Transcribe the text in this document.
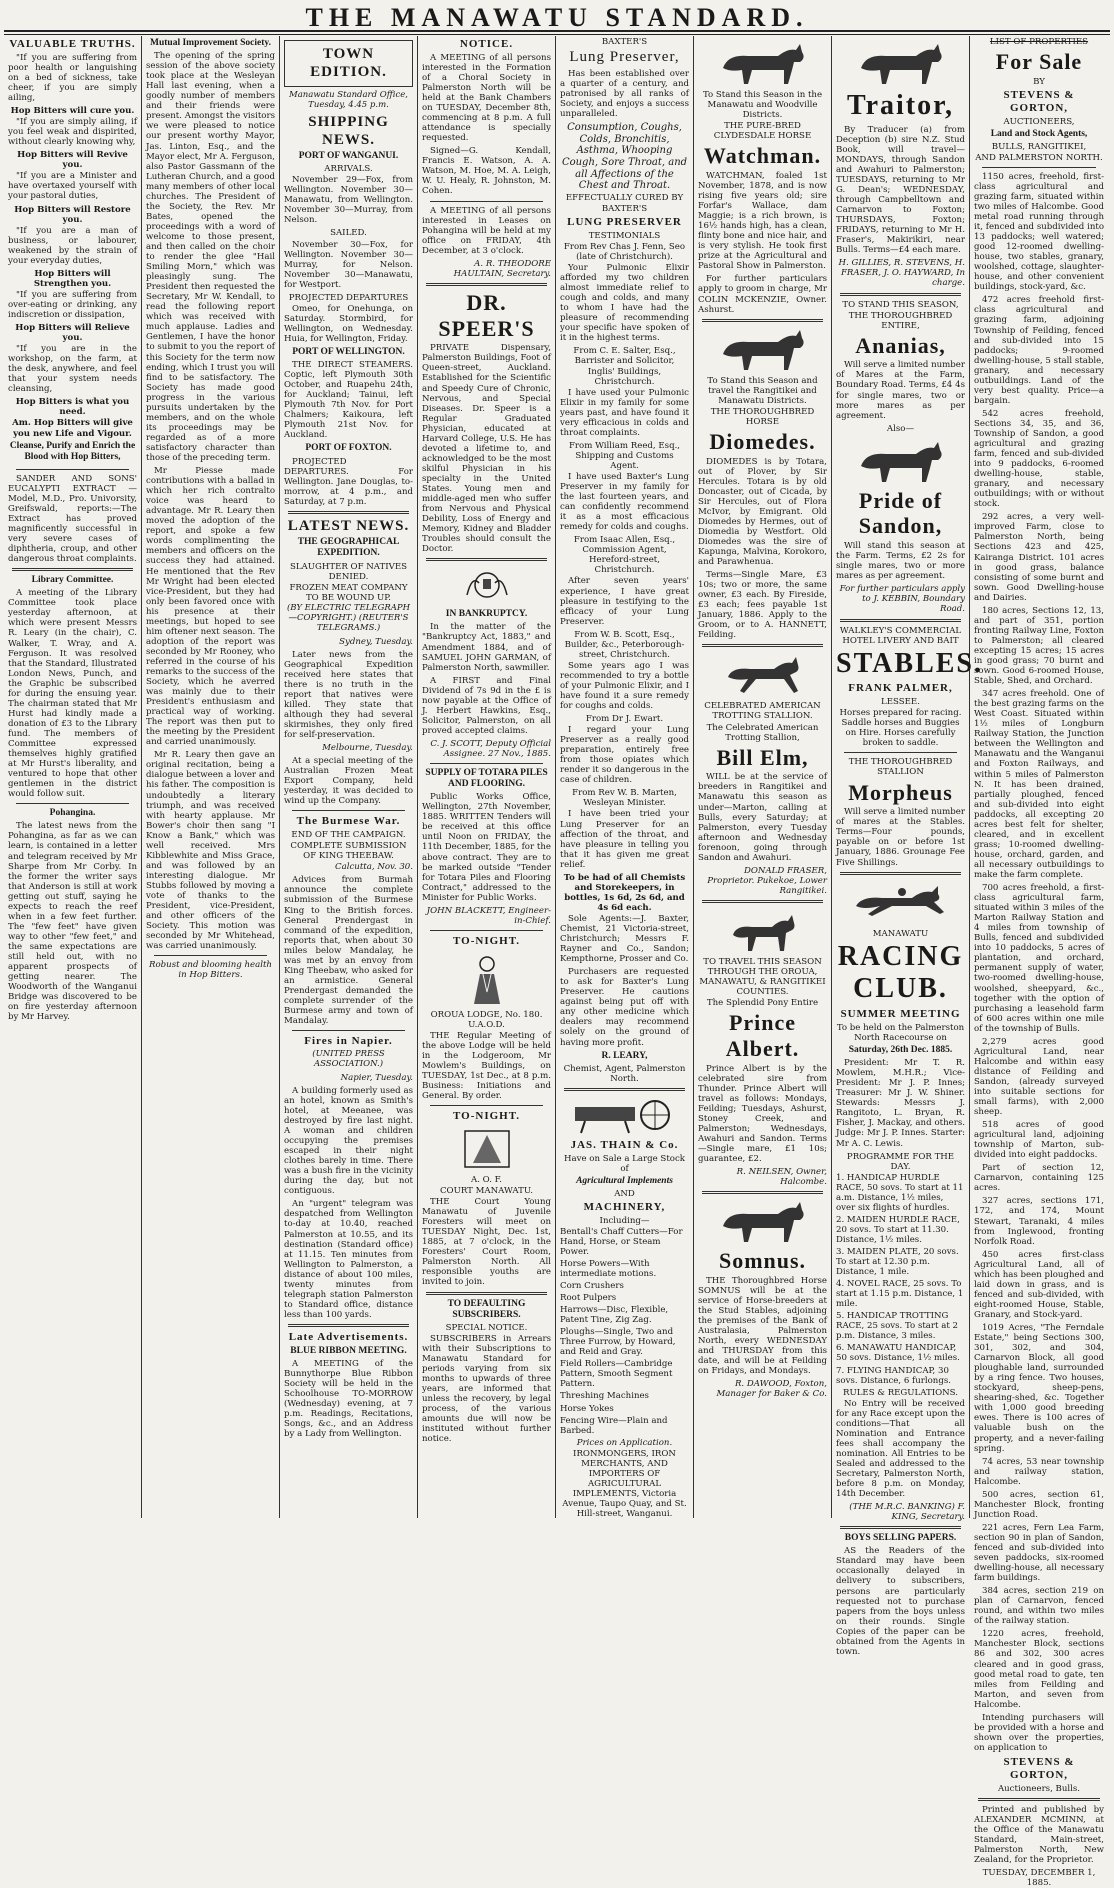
THE MANAWATU STANDARD.
VALUABLE TRUTHS.

"If you are suffering from poor health or languishing on a bed of sickness, take cheer, if you are simply ailing,

Hop Bitters will cure you.

"If you are simply ailing, if you feel weak and dispirited, without clearly knowing why,

Hop Bitters will Revive you.

"If you are a Minister and have overtaxed yourself with your pastoral duties,

Hop Bitters will Restore you.

"If you are a man of business, or labourer, weakened by the strain of your everyday duties,

Hop Bitters will Strengthen you.

"If you are suffering from over-eating or drinking, any indiscretion or dissipation,

Hop Bitters will Relieve you.

"If you are in the workshop, on the farm, at the desk, anywhere, and feel that your system needs cleansing,

Hop Bitters is what you need.

Am. Hop Bitters will give you new Life and Vigour.

Cleanse, Purify and Enrich the Blood with Hop Bitters,

SANDER AND SONS' EUCALYPTI EXTRACT —Model, M.D., Pro. Univorsity, Greifswald, reports:—The Extract has proved magnificently successful in very severe cases of diphtheria, croup, and other dangerous throat complaints.

Library Committee.

A meeting of the Library Committee took place yesterday afternoon, at which were present Messrs R. Leary (in the chair), C. Walker, T. Wray, and A. Ferguson. It was resolved that the Standard, Illustrated London News, Punch, and the Graphic be subscribed for during the ensuing year. The chairman stated that Mr Hurst had kindly made a donation of £3 to the Library fund. The members of Committee expressed themselves highly gratified at Mr Hurst's liberality, and ventured to hope that other gentlemen in the district would follow suit.

Pohangina.

The latest news from the Pohangina, as far as we can learn, is contained in a letter and telegram received by Mr Sharpe from Mr Corby. In the former the writer says that Anderson is still at work getting out stuff, saying he expects to reach the reef when in a few feet further. The "few feet" have given way to other "few feet," and the same expectations are still held out, with no apparent prospects of getting nearer. The Woodworth of the Wanganui Bridge was discovered to be on fire yesterday afternoon by Mr Harvey.

Mutual Improvement Society.

The opening of the spring session of the above society took place at the Wesleyan Hall last evening, when a goodly number of members and their friends were present. Amongst the visitors we were pleased to notice our present worthy Mayor, Jas. Linton, Esq., and the Mayor elect, Mr A. Ferguson, also Pastor Gassmann of the Lutheran Church, and a good many members of other local churches. The President of the Society, the Rev. Mr Bates, opened the proceedings with a word of welcome to those present, and then called on the choir to render the glee "Hail Smiling Morn," which was pleasingly sung. The President then requested the Secretary, Mr W. Kendall, to read the following report which was received with much applause. Ladies and Gentlemen, I have the honor to submit to you the report of this Society for the term now ending, which I trust you will find to be satisfactory. The Society has made good progress in the various pursuits undertaken by the members, and on the whole its proceedings may be regarded as of a more satisfactory character than those of the preceding term.

Mr Piesse made contributions with a ballad in which her rich contralto voice was heard to advantage. Mr R. Leary then moved the adoption of the report, and spoke a few words complimenting the members and officers on the success they had attained. He mentioned that the Rev Mr Wright had been elected vice-President, but they had only been favored once with his presence at their meetings, but hoped to see him oftener next season. The adoption of the report was seconded by Mr Rooney, who referred in the course of his remarks to the success of the Society, which he averred was mainly due to their President's enthusiasm and practical way of working. The report was then put to the meeting by the President and carried unanimously.

Mr R. Leary then gave an original recitation, being a dialogue between a lover and his father. The composition is undoubtedly a literary triumph, and was received with hearty applause. Mr Bower's choir then sang "I Know a Bank," which was well received. Mrs Kibblewhite and Miss Grace, and was followed by an interesting dialogue. Mr Stubbs followed by moving a vote of thanks to the President, vice-President, and other officers of the Society. This motion was seconded by Mr Whitehead, was carried unanimously.

Robust and blooming health in Hop Bitters.

TOWN EDITION.
Manawatu Standard Office, Tuesday, 4.45 p.m.
SHIPPING NEWS.
PORT OF WANGANUI.
ARRIVALS.

November 29—Fox, from Wellington. November 30—Manawatu, from Wellington. November 30—Murray, from Nelson.

SAILED.

November 30—Fox, for Wellington. November 30—Murray, for Nelson. November 30—Manawatu, for Westport.

PROJECTED DEPARTURES

Omeo, for Onehunga, on Saturday. Stormbird, for Wellington, on Wednesday. Huia, for Wellington, Friday.

PORT OF WELLINGTON.

THE DIRECT STEAMERS. Coptic, left Plymouth 30th October, and Ruapehu 24th, for Auckland; Tainui, left Plymouth 7th Nov. for Port Chalmers; Kaikoura, left Plymouth 21st Nov. for Auckland.

PORT OF FOXTON.

PROJECTED DEPARTURES. For Wellington. Jane Douglas, to-morrow, at 4 p.m., and Saturday, at 7 p.m.

LATEST NEWS.
THE GEOGRAPHICAL EXPEDITION.
SLAUGHTER OF NATIVES DENIED.
FROZEN MEAT COMPANY TO BE WOUND UP.
(BY ELECTRIC TELEGRAPH—COPYRIGHT.) (REUTER'S TELEGRAMS.)
Sydney, Tuesday.

Later news from the Geographical Expedition received here states that there is no truth in the report that natives were killed. They state that although they had several skirmishes, they only fired for self-preservation.

Melbourne, Tuesday.

At a special meeting of the Australian Frozen Meat Export Company, held yesterday, it was decided to wind up the Company.

The Burmese War.
END OF THE CAMPAIGN.
COMPLETE SUBMISSION OF KING THEEBAW.
Calcutta, Nov. 30.

Advices from Burmah announce the complete submission of the Burmese King to the British forces. General Prendergast in command of the expedition, reports that, when about 30 miles below Mandalay, he was met by an envoy from King Theebaw, who asked for an armistice. General Prendergast demanded the complete surrender of the Burmese army and town of Mandalay.

Fires in Napier.
(UNITED PRESS ASSOCIATION.)
Napier, Tuesday.

A building formerly used as an hotel, known as Smith's hotel, at Meeanee, was destroyed by fire last night. A woman and children occupying the premises escaped in their night clothes barely in time. There was a bush fire in the vicinity during the day, but not contiguous.

An "urgent" telegram was despatched from Wellington to-day at 10.40, reached Palmerston at 10.55, and its destination (Standard office) at 11.15. Ten minutes from Wellington to Palmerston, a distance of about 100 miles, twenty minutes from telegraph station Palmerston to Standard office, distance less than 100 yards.

Late Advertisements.
BLUE RIBBON MEETING.

A MEETING of the Bunnythorpe Blue Ribbon Society will be held in the Schoolhouse TO-MORROW (Wednesday) evening, at 7 p.m. Readings, Recitations, Songs, &c., and an Address by a Lady from Wellington.

NOTICE.

A MEETING of all persons interested in the Formation of a Choral Society in Palmerston North will be held at the Bank Chambers on TUESDAY, December 8th, commencing at 8 p.m. A full attendance is specially requested.

Signed—G. Kendall, Francis E. Watson, A. A. Watson, M. Hoe, M. A. Leigh, W. U. Healy, R. Johnston, M. Cohen.

A MEETING of all persons interested in Leases on Pohangina will be held at my office on FRIDAY, 4th December, at 3 o'clock.

A. R. THEODORE HAULTAIN, Secretary.
DR. SPEER'S

PRIVATE Dispensary, Palmerston Buildings, Foot of Queen-street, Auckland. Established for the Scientific and Speedy Cure of Chronic, Nervous, and Special Diseases. Dr. Speer is a Regular Graduated Physician, educated at Harvard College, U.S. He has devoted a lifetime to, and acknowledged to be the most skilful Physician in his specialty in the United States. Young men and middle-aged men who suffer from Nervous and Physical Debility, Loss of Energy and Memory, Kidney and Bladder Troubles should consult the Doctor.

IN BANKRUPTCY.

In the matter of the "Bankruptcy Act, 1883," and Amendment 1884, and of SAMUEL JOHN GARMAN, of Palmerston North, sawmiller.

A FIRST and Final Dividend of 7s 9d in the £ is now payable at the Office of J. Herbert Hawkins, Esq., Solicitor, Palmerston, on all proved accepted claims.

C. J. SCOTT, Deputy Official Assignee. 27 Nov., 1885.
SUPPLY OF TOTARA PILES AND FLOORING.

Public Works Office, Wellington, 27th November, 1885. WRITTEN Tenders will be received at this office until Noon on FRIDAY, the 11th December, 1885, for the above contract. They are to be marked outside "Tender for Totara Piles and Flooring Contract," addressed to the Minister for Public Works.

JOHN BLACKETT, Engineer-in-Chief.
TO-NIGHT.
OROUA LODGE, No. 180. U.A.O.D.

THE Regular Meeting of the above Lodge will be held in the Lodgeroom, Mr Mowlem's Buildings, on TUESDAY, 1st Dec., at 8 p.m. Business: Initiations and General. By order.

TO-NIGHT.
A. O. F.
COURT MANAWATU.

THE Court Young Manawatu of Juvenile Foresters will meet on TUESDAY Night, Dec. 1st, 1885, at 7 o'clock, in the Foresters' Court Room, Palmerston North. All responsible youths are invited to join.

TO DEFAULTING SUBSCRIBERS.
SPECIAL NOTICE.

SUBSCRIBERS in Arrears with their Subscriptions to Manawatu Standard for periods varying from six months to upwards of three years, are informed that unless the recovery, by legal process, of the various amounts due will now be instituted without further notice.

BAXTER'S
Lung Preserver,

Has been established over a quarter of a century, and patronised by all ranks of Society, and enjoys a success unparalleled.

Consumption, Coughs, Colds, Bronchitis, Asthma, Whooping Cough, Sore Throat, and all Affections of the Chest and Throat.

EFFECTUALLY CURED BY
BAXTER'S
LUNG PRESERVER
TESTIMONIALS

From Rev Chas J. Fenn, Seo (late of Christchurch).

Your Pulmonic Elixir afforded my two children almost immediate relief to cough and colds, and many to whom I have had the pleasure of recommending your specific have spoken of it in the highest terms.

From C. E. Salter, Esq., Barrister and Solicitor, Inglis' Buildings, Christchurch.

I have used your Pulmonic Elixir in my family for some years past, and have found it very efficacious in colds and throat complaints.

From William Reed, Esq., Shipping and Customs Agent.

I have used Baxter's Lung Preserver in my family for the last fourteen years, and can confidently recommend it as a most efficacious remedy for colds and coughs.

From Isaac Allen, Esq., Commission Agent, Hereford-street, Christchurch.

After seven years' experience, I have great pleasure in testifying to the efficacy of your Lung Preserver.

From W. B. Scott, Esq., Builder, &c., Peterborough-street, Christchurch.

Some years ago I was recommended to try a bottle of your Pulmonic Elixir, and I have found it a sure remedy for coughs and colds.

From Dr J. Ewart.

I regard your Lung Preserver as a really good preparation, entirely free from those opiates which render it so dangerous in the case of children.

From Rev W. B. Marten, Wesleyan Minister.

I have been tried your Lung Preserver for an affection of the throat, and have pleasure in telling you that it has given me great relief.

To be had of all Chemists and Storekeepers, in bottles, 1s 6d, 2s 6d, and 4s 6d each.

Sole Agents:—J. Baxter, Chemist, 21 Victoria-street, Christchurch; Messrs F. Rayner and Co., Sandon; Kempthorne, Prosser and Co.

Purchasers are requested to ask for Baxter's Lung Preserver. He cautions against being put off with any other medicine which dealers may recommend solely on the ground of having more profit.

R. LEARY,
Chemist, Agent, Palmerston North.
JAS. THAIN & Co.
Have on Sale a Large Stock of
Agricultural Implements
AND
MACHINERY,
Including—
Bentall's Chaff Cutters—For Hand, Horse, or Steam Power.
Horse Powers—With intermediate motions.
Corn Crushers
Root Pulpers
Harrows—Disc, Flexible, Patent Tine, Zig Zag.
Ploughs—Single, Two and Three Furrow, by Howard, and Reid and Gray.
Field Rollers—Cambridge Pattern, Smooth Segment Pattern.
Threshing Machines
Horse Yokes
Fencing Wire—Plain and Barbed.
Prices on Application.

IRONMONGERS, IRON MERCHANTS, AND IMPORTERS OF AGRICULTURAL IMPLEMENTS, Victoria Avenue, Taupo Quay, and St. Hill-street, Wanganui.

To Stand this Season in the Manawatu and Woodville Districts.

THE PURE-BRED CLYDESDALE HORSE
Watchman.

WATCHMAN, foaled 1st November, 1878, and is now rising five years old; sire Forfar's Wallace, dam Maggie; is a rich brown, is 16½ hands high, has a clean, flinty bone and nice hair, and is very stylish. He took first prize at the Agricultural and Pastoral Show in Palmerston.

For further particulars apply to groom in charge, Mr COLIN MCKENZIE, Owner. Ashurst.

To Stand this Season and travel the Rangitikei and Manawatu Districts.

THE THOROUGHBRED HORSE
Diomedes.

DIOMEDES is by Totara, out of Plover, by Sir Hercules. Totara is by old Doncaster, out of Cicada, by Sir Hercules, out of Flora McIvor, by Emigrant. Old Diomedes by Hermes, out of Diomedia by Westfort. Old Diomedes was the sire of Kapunga, Malvina, Korokoro, and Parawhenua.

Terms—Single Mare, £3 10s; two or more, the same owner, £3 each. By Fireside, £3 each; fees payable 1st January, 1886. Apply to the Groom, or to A. HANNETT, Feilding.

CELEBRATED AMERICAN TROTTING STALLION.
The Celebrated American Trotting Stallion,
Bill Elm,

WILL be at the service of breeders in Rangitikei and Manawatu this season as under—Marton, calling at Bulls, every Saturday; at Palmerston, every Tuesday afternoon and Wednesday forenoon, going through Sandon and Awahuri.

DONALD FRASER, Proprietor. Pukekoe, Lower Rangitikei.

TO TRAVEL THIS SEASON THROUGH THE OROUA, MANAWATU, & RANGITIKEI COUNTIES.

The Splendid Pony Entire
Prince Albert.

Prince Albert is by the celebrated sire from Thunder. Prince Albert will travel as follows: Mondays, Feilding; Tuesdays, Ashurst, Stoney Creek, and Palmerston; Wednesdays, Awahuri and Sandon. Terms—Single mare, £1 10s; guarantee, £2.

R. NEILSEN, Owner, Halcombe.
Somnus.

THE Thoroughbred Horse SOMNUS will be at the service of Horse-breeders at the Stud Stables, adjoining the premises of the Bank of Australasia, Palmerston North, every WEDNESDAY and THURSDAY from this date, and will be at Feilding on Fridays, and Mondays.

R. DAWOOD, Foxton, Manager for Baker & Co.
Traitor,

By Traducer (a) from Deception (b) sire N.Z. Stud Book, will travel—MONDAYS, through Sandon and Awahuri to Palmerston; TUESDAYS, returning to Mr G. Dean's; WEDNESDAY, through Campbelltown and Carnarvon to Foxton; THURSDAYS, Foxton; FRIDAYS, returning to Mr H. Fraser's, Makirikiri, near Bulls. Terms—£4 each mare.

H. GILLIES, R. STEVENS, H. FRASER, J. O. HAYWARD, In charge.

TO STAND THIS SEASON,
THE THOROUGHBRED ENTIRE,
Ananias,

Will serve a limited number of Mares at the Farm, Boundary Road. Terms, £4 4s for single mares, two or more mares as per agreement.

Also—
Pride of Sandon,

Will stand this season at the Farm. Terms, £2 2s for single mares, two or more mares as per agreement.

For further particulars apply to J. KEBBIN, Boundary Road.

WALKLEY'S COMMERCIAL HOTEL LIVERY AND BAIT
STABLES.
FRANK PALMER,
LESSEE.

Horses prepared for racing. Saddle horses and Buggies on Hire. Horses carefully broken to saddle.

THE THOROUGHBRED STALLION
Morpheus

Will serve a limited number of mares at the Stables. Terms—Four pounds, payable on or before 1st January, 1886. Grounage Fee Five Shillings.

MANAWATU
RACING CLUB.
SUMMER MEETING
To be held on the Palmerston North Racecourse on
Saturday, 26th Dec. 1885.

President: Mr T. R. Mowlem, M.H.R.; Vice-President: Mr J. P. Innes; Treasurer: Mr J. W. Shiner. Stewards: Messrs J. Rangitoto, L. Bryan, R. Fisher, J. Mackay, and others. Judge: Mr J. P. Innes. Starter: Mr A. C. Lewis.

PROGRAMME FOR THE DAY.
1. HANDICAP HURDLE RACE, 50 sovs. To start at 11 a.m. Distance, 1½ miles, over six flights of hurdles.
2. MAIDEN HURDLE RACE, 20 sovs. To start at 11.30. Distance, 1½ miles.
3. MAIDEN PLATE, 20 sovs. To start at 12.30 p.m. Distance, 1 mile.
4. NOVEL RACE, 25 sovs. To start at 1.15 p.m. Distance, 1 mile.
5. HANDICAP TROTTING RACE, 25 sovs. To start at 2 p.m. Distance, 3 miles.
6. MANAWATU HANDICAP, 50 sovs. Distance, 1½ miles.
7. FLYING HANDICAP, 30 sovs. Distance, 6 furlongs.
RULES & REGULATIONS.

No Entry will be received for any Race except upon the conditions—That all Nomination and Entrance fees shall accompany the nomination. All Entries to be Sealed and addressed to the Secretary, Palmerston North, before 8 p.m. on Monday, 14th December.

(THE M.R.C. BANKING) F. KING, Secretary.
BOYS SELLING PAPERS.

AS the Readers of the Standard may have been occasionally delayed in delivery to subscribers, persons are particularly requested not to purchase papers from the boys unless on their rounds. Single Copies of the paper can be obtained from the Agents in town.

LIST OF PROPERTIES
For Sale
BY
STEVENS & GORTON,
AUCTIONEERS,
Land and Stock Agents,
BULLS, RANGITIKEI,
AND PALMERSTON NORTH.

1150 acres, freehold, first-class agricultural and grazing farm, situated within two miles of Halcombe. Good metal road running through it, fenced and subdivided into 13 paddocks; well watered; good 12-roomed dwelling-house, two stables, granary, woolshed, cottage, slaughter-house, and other convenient buildings, stock-yard, &c.

472 acres freehold first-class agricultural and grazing farm, adjoining Township of Feilding, fenced and sub-divided into 15 paddocks; 9-roomed dwelling-house, 5 stall stable, granary, and necessary outbuildings. Land of the very best quality. Price—a bargain.

542 acres freehold, Sections 34, 35, and 36, Township of Sandon, a good agricultural and grazing farm, fenced and sub-divided into 9 paddocks, 6-roomed dwelling-house, stable, granary, and necessary outbuildings; with or without stock.

292 acres, a very well-improved Farm, close to Palmerston North, being Sections 423 and 425, Kairanga District. 101 acres in good grass, balance consisting of some burnt and sown. Good Dwelling-house and Dairies.

180 acres, Sections 12, 13, and part of 351, portion fronting Railway Line, Foxton to Palmerston; all cleared excepting 15 acres; 15 acres in good grass; 70 burnt and sown. Good 6-roomed House, Stable, Shed, and Orchard.

347 acres freehold. One of the best grazing farms on the West Coast. Situated within 1½ miles of Longburn Railway Station, the Junction between the Wellington and Manawatu and the Wanganui and Foxton Railways, and within 5 miles of Palmerston N. It has been drained, partially ploughed, fenced and sub-divided into eight paddocks, all excepting 20 acres best felt for shelter, cleared, and in excellent grass; 10-roomed dwelling-house, orchard, garden, and all necessary outbuildings to make the farm complete.

700 acres freehold, a first-class agricultural farm, situated within 3 miles of the Marton Railway Station and 4 miles from township of Bulls, fenced and subdivided into 10 paddocks, 5 acres of plantation, and orchard, permanent supply of water, two-roomed dwelling-house, woolshed, sheepyard, &c., together with the option of purchasing a leasehold farm of 600 acres within one mile of the township of Bulls.

2,279 acres good Agricultural Land, near Halcombe and within easy distance of Feilding and Sandon, (already surveyed into suitable sections for small farms), with 2,000 sheep.

518 acres of good agricultural land, adjoining township of Marton, sub-divided into eight paddocks.

Part of section 12, Carnarvon, containing 125 acres.

327 acres, sections 171, 172, and 174, Mount Stewart, Taranaki, 4 miles from Inglewood, fronting Norfolk Road.

450 acres first-class Agricultural Land, all of which has been ploughed and laid down in grass, and is fenced and sub-divided, with eight-roomed House, Stable, Granary, and Stock-yard.

1019 Acres, "The Ferndale Estate," being Sections 300, 301, 302, and 304, Carnarvon Block, all good ploughable land, surrounded by a ring fence. Two houses, stockyard, sheep-pens, shearing-shed, &c. Together with 1,000 good breeding ewes. There is 100 acres of valuable bush on the property, and a never-failing spring.

74 acres, 53 near township and railway station, Halcombe.

500 acres, section 61, Manchester Block, fronting Junction Road.

221 acres, Fern Lea Farm, section 90 in plan of Sandon, fenced and sub-divided into seven paddocks, six-roomed dwelling-house, all necessary farm buildings.

384 acres, section 219 on plan of Carnarvon, fenced round, and within two miles of the railway station.

1220 acres, freehold, Manchester Block, sections 86 and 302, 300 acres cleared and in good grass, good metal road to gate, ten miles from Feilding and Marton, and seven from Halcombe.

Intending purchasers will be provided with a horse and shown over the properties, on application to

STEVENS & GORTON,
Auctioneers, Bulls.

Printed and published by ALEXANDER MCMINN, at the Office of the Manawatu Standard, Main-street, Palmerston North, New Zealand, for the Proprietor.

TUESDAY, DECEMBER 1, 1885.
